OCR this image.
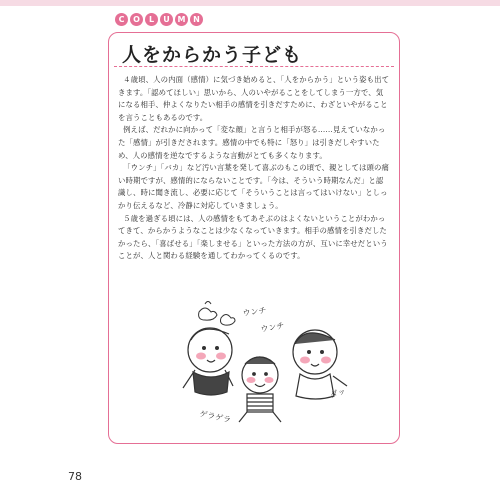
C	O	L	U M N
人をからかう子ども

４歳頃、人の内面（感情）に気づき始めると、「人をからかう」という姿も出てきます。「認めてほしい」思いから、人のいやがることをしてしまう一方で、気になる相手、仲よくなりたい相手の感情を引きだすために、わざといやがることを言うこともあるのです。

例えば、だれかに向かって「変な顔」と言うと相手が怒る……見えていなかった「感情」が引きだされます。感情の中でも特に「怒り」は引きだしやすいため、人の感情を逆なでするような言動がとても多くなります。

「ウンチ」「バカ」など汚い言葉を発して喜ぶのもこの頃で、親としては頭の痛い時期ですが、感情的にならないことです。「今は、そういう時期なんだ」と認識し、時に聞き流し、必要に応じて「そういうことは言ってはいけない」としっかり伝えるなど、冷静に対応していきましょう。

５歳を過ぎる頃には、人の感情をもてあそぶのはよくないということがわかってきて、からかうようなことは少なくなっていきます。相手の感情を引きだしたかったら、「喜ばせる」「楽しませる」といった方法の方が、互いに幸せだということが、人と関わる経験を通してわかってくるのです。

ウンチ
ウンチ
ゲラゲラ
ダッ
78
